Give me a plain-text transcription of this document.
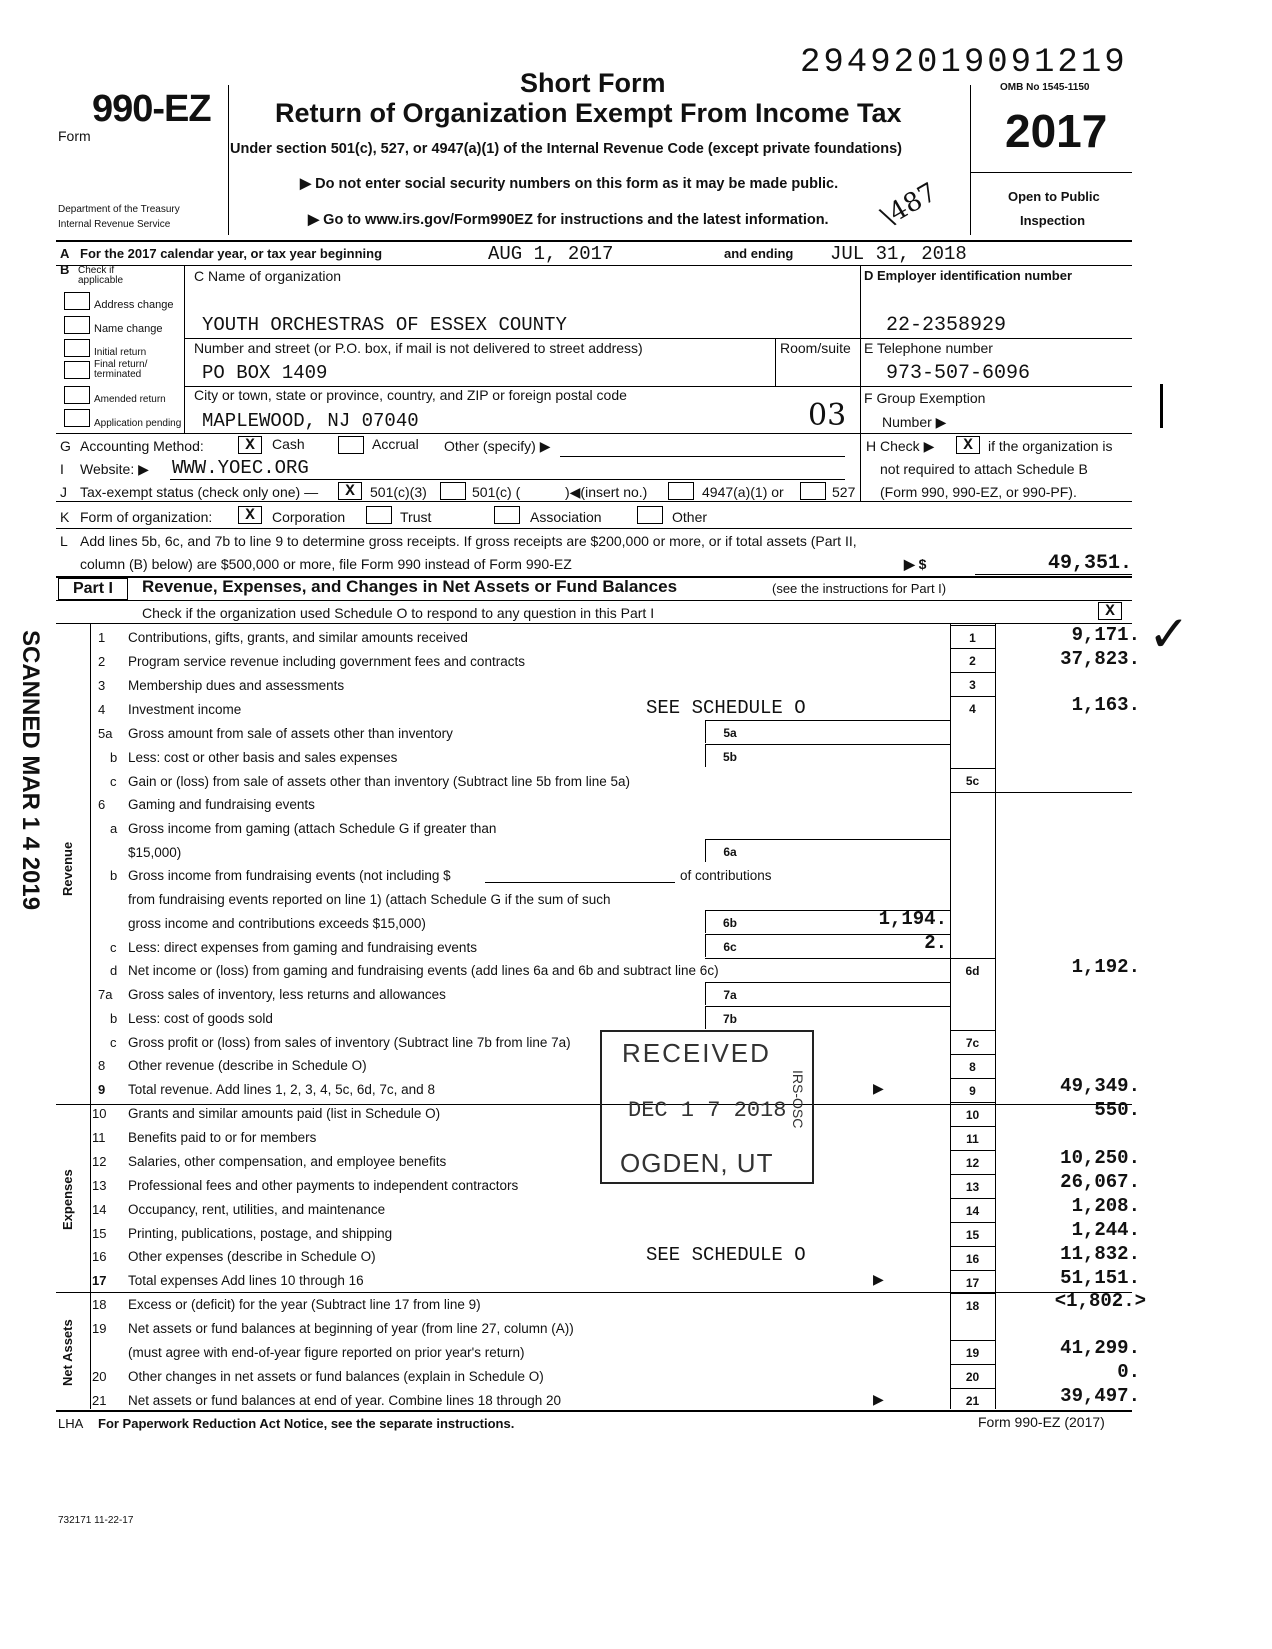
29492019091219
Form
990-EZ
Short Form
Return of Organization Exempt From Income Tax
Under section 501(c), 527, or 4947(a)(1) of the Internal Revenue Code (except private foundations)
▶ Do not enter social security numbers on this form as it may be made public.
▶ Go to www.irs.gov/Form990EZ for instructions and the latest information. \487
Department of the Treasury
Internal Revenue Service
OMB No 1545-1150
2017
Open to Public
Inspection
A For the 2017 calendar year, or tax year beginning	AUG 1, 2017	and ending JUL 31, 2018
B Check if applicable
Address change
Name change
Initial return
Final return/ terminated
Amended return
Application pending
C Name of organization
YOUTH ORCHESTRAS OF ESSEX COUNTY
Number and street (or P.O. box, if mail is not delivered to street address)	Room/suite
PO BOX 1409
City or town, state or province, country, and ZIP or foreign postal code
MAPLEWOOD, NJ 07040	03
D Employer identification number
22-2358929
E Telephone number
973-507-6096
F Group Exemption
Number ▶
G Accounting Method:	X	Cash	Accrual Other (specify) ▶	H Check ▶	X	if the organization is
not required to attach Schedule B
(Form 990, 990-EZ, or 990-PF).
I Website: ▶ WWW.YOEC.ORG
J Tax-exempt status (check only one) —	X	501(c)(3)	501(c) (	)◀(insert no.)	4947(a)(1) or	527
K Form of organization:	X	Corporation	Trust	Association	Other
L Add lines 5b, 6c, and 7b to line 9 to determine gross receipts. If gross receipts are $200,000 or more, or if total assets (Part II,
column (B) below) are $500,000 or more, file Form 990 instead of Form 990-EZ	▶ $	49,351.
Part I	Revenue, Expenses, and Changes in Net Assets or Fund Balances	(see the instructions for Part I)
Check if the organization used Schedule O to respond to any question in this Part I	X
Revenue
Expenses
Net Assets
SCANNED MAR 1 4 2019	1 Contributions, gifts, grants, and similar amounts received	1	9,171.
2 Program service revenue including government fees and contracts	2	37,823.
3 Membership dues and assessments	3
4 Investment income	SEE SCHEDULE O	4	1,163.
5a Gross amount from sale of assets other than inventory	5a
b Less: cost or other basis and sales expenses	5b
c Gain or (loss) from sale of assets other than inventory (Subtract line 5b from line 5a)	5c
6 Gaming and fundraising events
a Gross income from gaming (attach Schedule G if greater than
$15,000)	6a
b Gross income from fundraising events (not including $	of contributions
from fundraising events reported on line 1) (attach Schedule G if the sum of such
gross income and contributions exceeds $15,000)	6b	1,194.
c Less: direct expenses from gaming and fundraising events	6c	2.
d Net income or (loss) from gaming and fundraising events (add lines 6a and 6b and subtract line 6c)	6d	1,192.
7a Gross sales of inventory, less returns and allowances	7a
b Less: cost of goods sold	7b
c Gross profit or (loss) from sales of inventory (Subtract line 7b from line 7a)	7c
8 Other revenue (describe in Schedule O)	8
9 Total revenue. Add lines 1, 2, 3, 4, 5c, 6d, 7c, and 8	▶	9	49,349.
10 Grants and similar amounts paid (list in Schedule O)	10	550.
11 Benefits paid to or for members	11
12 Salaries, other compensation, and employee benefits	12	10,250.
13 Professional fees and other payments to independent contractors	13	26,067.
14 Occupancy, rent, utilities, and maintenance	14	1,208.
15 Printing, publications, postage, and shipping	15	1,244.
16 Other expenses (describe in Schedule O)	SEE SCHEDULE O	16	11,832.
17 Total expenses Add lines 10 through 16	▶	17	51,151.
18 Excess or (deficit) for the year (Subtract line 17 from line 9)	18	<1,802.>
19 Net assets or fund balances at beginning of year (from line 27, column (A))
(must agree with end-of-year figure reported on prior year's return)	19	41,299.
20 Other changes in net assets or fund balances (explain in Schedule O)	20	0.
21 Net assets or fund balances at end of year. Combine lines 18 through 20	▶	21	39,497.
RECEIVED
DEC 1 7 2018
OGDEN, UT
IRS-OSC
LHA For Paperwork Reduction Act Notice, see the separate instructions.	Form 990-EZ (2017)
732171 11-22-17
✓
